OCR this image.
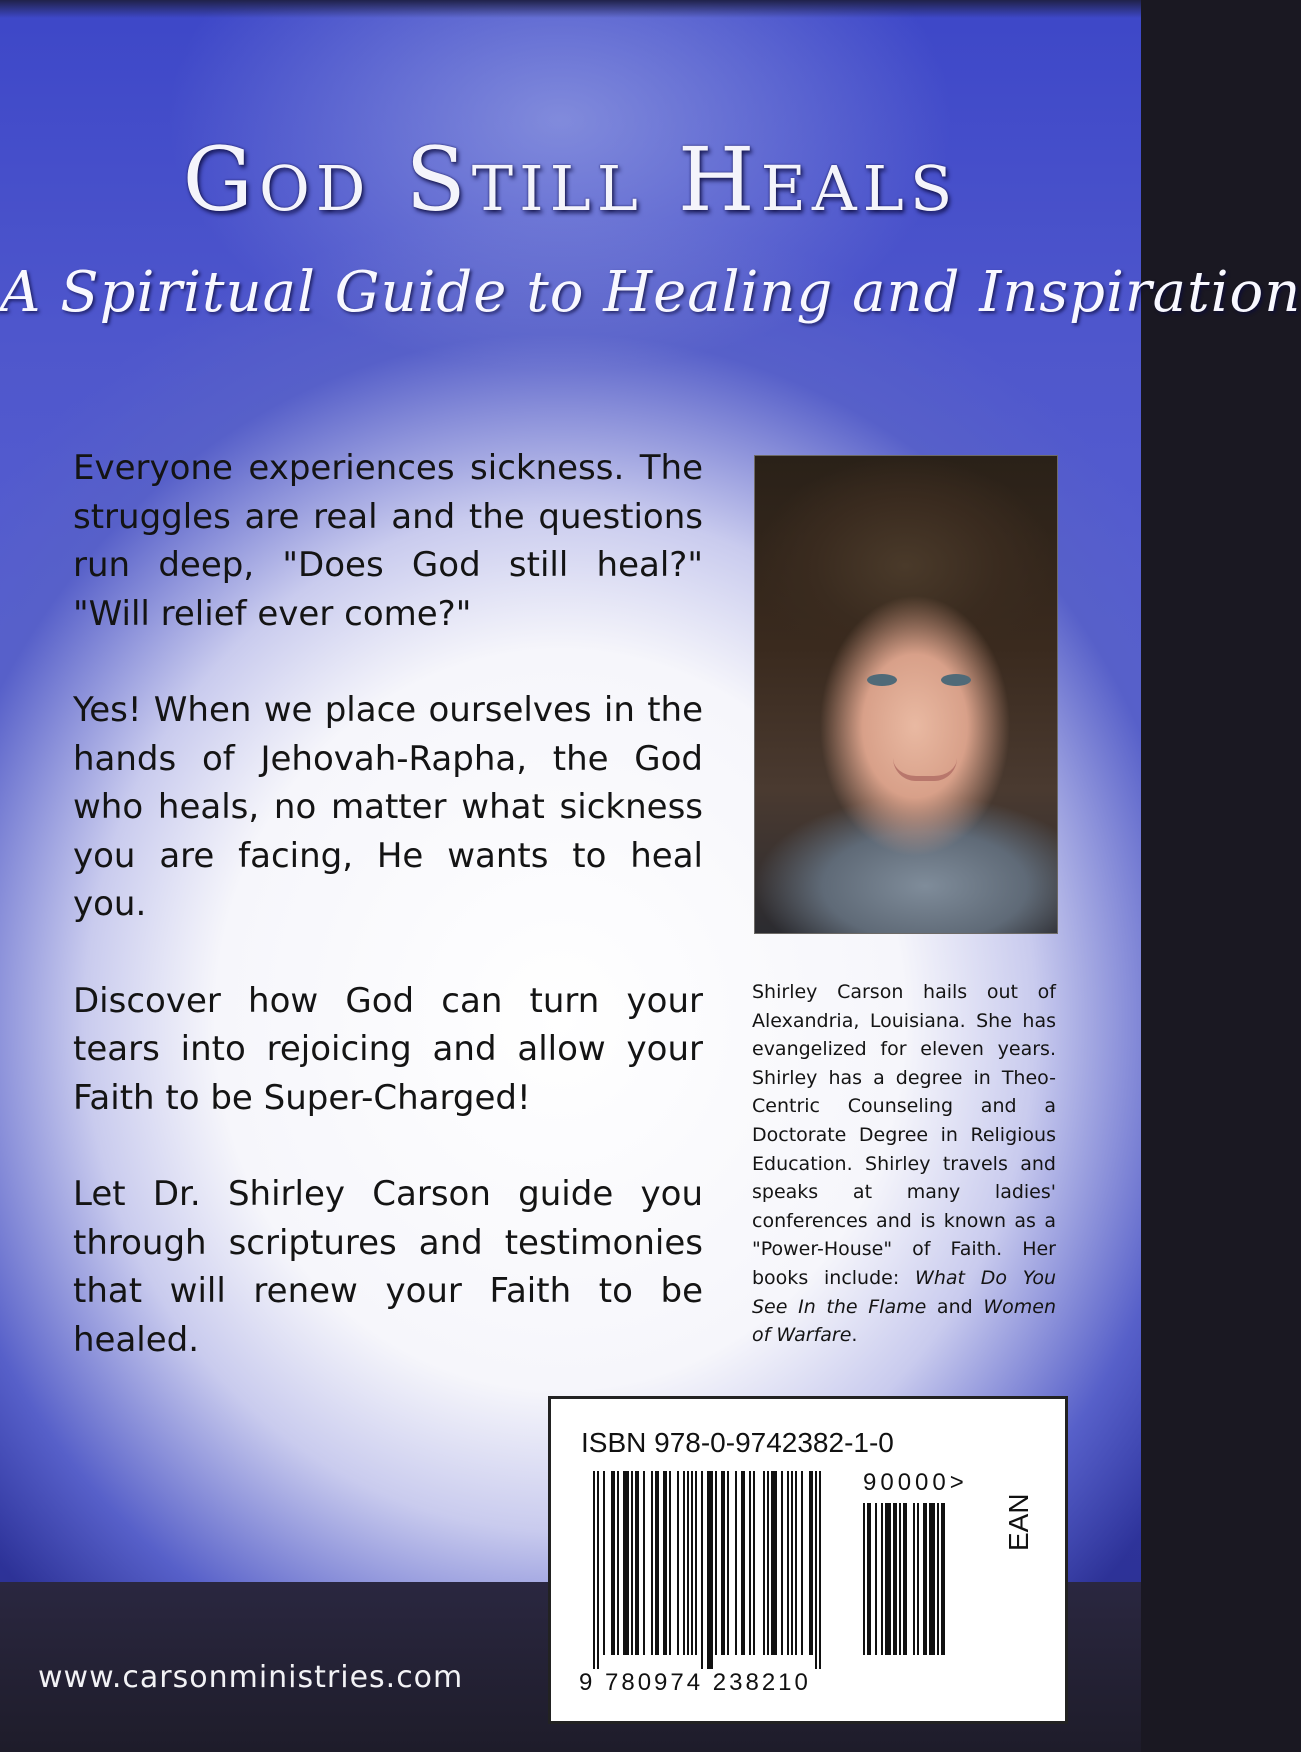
God Still Heals
A Spiritual Guide to Healing and Inspiration

Everyone experiences sickness. The struggles are real and the questions run deep, "Does God still heal?" "Will relief ever come?"

Yes! When we place ourselves in the hands of Jehovah-Rapha, the God who heals, no matter what sickness you are facing, He wants to heal you.

Discover how God can turn your tears into rejoicing and allow your Faith to be Super-Charged!

Let Dr. Shirley Carson guide you through scriptures and testimonies that will renew your Faith to be healed.

Shirley Carson hails out of Alexandria, Louisiana. She has evangelized for eleven years. Shirley has a degree in Theo-Centric Counseling and a Doctorate Degree in Religious Education. Shirley travels and speaks at many ladies' conferences and is known as a "Power-House" of Faith. Her books include: What Do You See In the Flame and Women of Warfare.
www.carsonministries.com
ISBN 978-0-9742382-1-0
90000>
EAN
9 780974 238210
